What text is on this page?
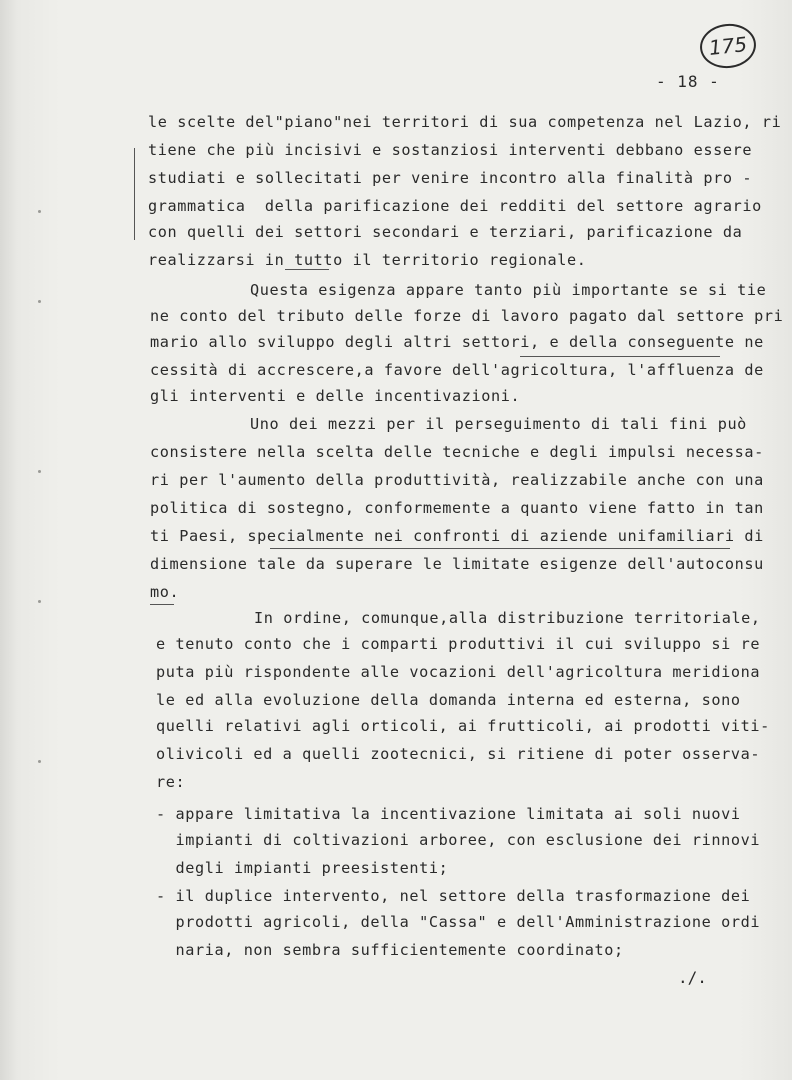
175
- 18 -
le scelte del"piano"nei territori di sua competenza nel Lazio, ri
tiene che più incisivi e sostanziosi interventi debbano essere
studiati e sollecitati per venire incontro alla finalità pro -
grammatica  della parificazione dei redditi del settore agrario
con quelli dei settori secondari e terziari, parificazione da
realizzarsi in tutto il territorio regionale.
Questa esigenza appare tanto più importante se si tie
ne conto del tributo delle forze di lavoro pagato dal settore pri
mario allo sviluppo degli altri settori, e della conseguente ne
cessità di accrescere,a favore dell'agricoltura, l'affluenza de
gli interventi e delle incentivazioni.
Uno dei mezzi per il perseguimento di tali fini può
consistere nella scelta delle tecniche e degli impulsi necessa-
ri per l'aumento della produttività, realizzabile anche con una
politica di sostegno, conformemente a quanto viene fatto in tan
ti Paesi, specialmente nei confronti di aziende unifamiliari di
dimensione tale da superare le limitate esigenze dell'autoconsu
mo.
In ordine, comunque,alla distribuzione territoriale,
e tenuto conto che i comparti produttivi il cui sviluppo si re
puta più rispondente alle vocazioni dell'agricoltura meridiona
le ed alla evoluzione della domanda interna ed esterna, sono
quelli relativi agli orticoli, ai frutticoli, ai prodotti viti-
olivicoli ed a quelli zootecnici, si ritiene di poter osserva-
re:
- appare limitativa la incentivazione limitata ai soli nuovi
impianti di coltivazioni arboree, con esclusione dei rinnovi
degli impianti preesistenti;
- il duplice intervento, nel settore della trasformazione dei
prodotti agricoli, della "Cassa" e dell'Amministrazione ordi
naria, non sembra sufficientemente coordinato;
./.
